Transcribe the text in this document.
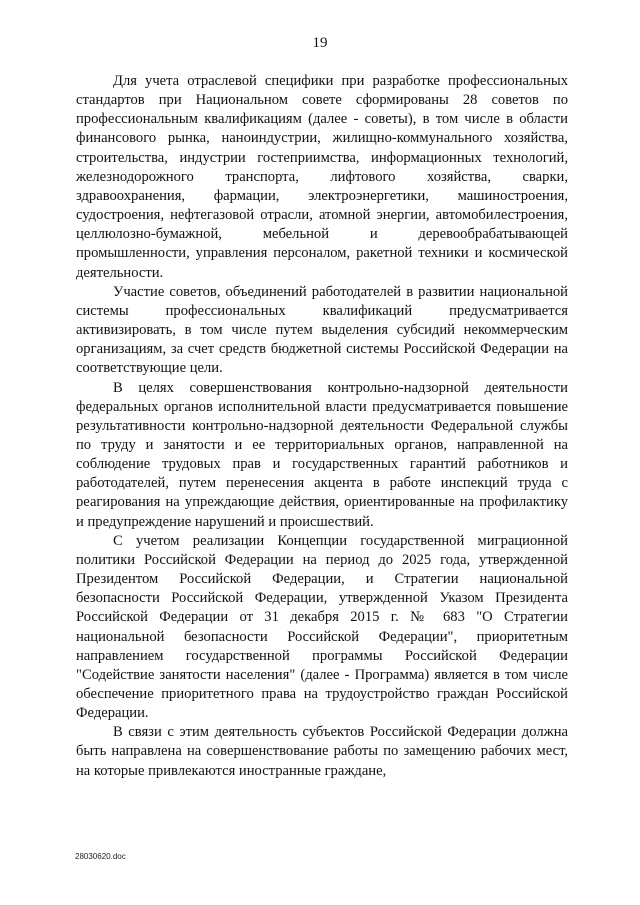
19

Для учета отраслевой специфики при разработке профессиональных стандартов при Национальном совете сформированы 28 советов по профессиональным квалификациям (далее - советы), в том числе в области финансового рынка, наноиндустрии, жилищно-коммунального хозяйства, строительства, индустрии гостеприимства, информационных технологий, железнодорожного транспорта, лифтового хозяйства, сварки, здравоохранения, фармации, электроэнергетики, машиностроения, судостроения, нефтегазовой отрасли, атомной энергии, автомобилестроения, целлюлозно-бумажной, мебельной и деревообрабатывающей промышленности, управления персоналом, ракетной техники и космической деятельности.

Участие советов, объединений работодателей в развитии национальной системы профессиональных квалификаций предусматривается активизировать, в том числе путем выделения субсидий некоммерческим организациям, за счет средств бюджетной системы Российской Федерации на соответствующие цели.

В целях совершенствования контрольно-надзорной деятельности федеральных органов исполнительной власти предусматривается повышение результативности контрольно-надзорной деятельности Федеральной службы по труду и занятости и ее территориальных органов, направленной на соблюдение трудовых прав и государственных гарантий работников и работодателей, путем перенесения акцента в работе инспекций труда с реагирования на упреждающие действия, ориентированные на профилактику и предупреждение нарушений и происшествий.

С учетом реализации Концепции государственной миграционной политики Российской Федерации на период до 2025 года, утвержденной Президентом Российской Федерации, и Стратегии национальной безопасности Российской Федерации, утвержденной Указом Президента Российской Федерации от 31 декабря 2015 г. № 683 "О Стратегии национальной безопасности Российской Федерации", приоритетным направлением государственной программы Российской Федерации "Содействие занятости населения" (далее - Программа) является в том числе обеспечение приоритетного права на трудоустройство граждан Российской Федерации.

В связи с этим деятельность субъектов Российской Федерации должна быть направлена на совершенствование работы по замещению рабочих мест, на которые привлекаются иностранные граждане,

28030620.doc
